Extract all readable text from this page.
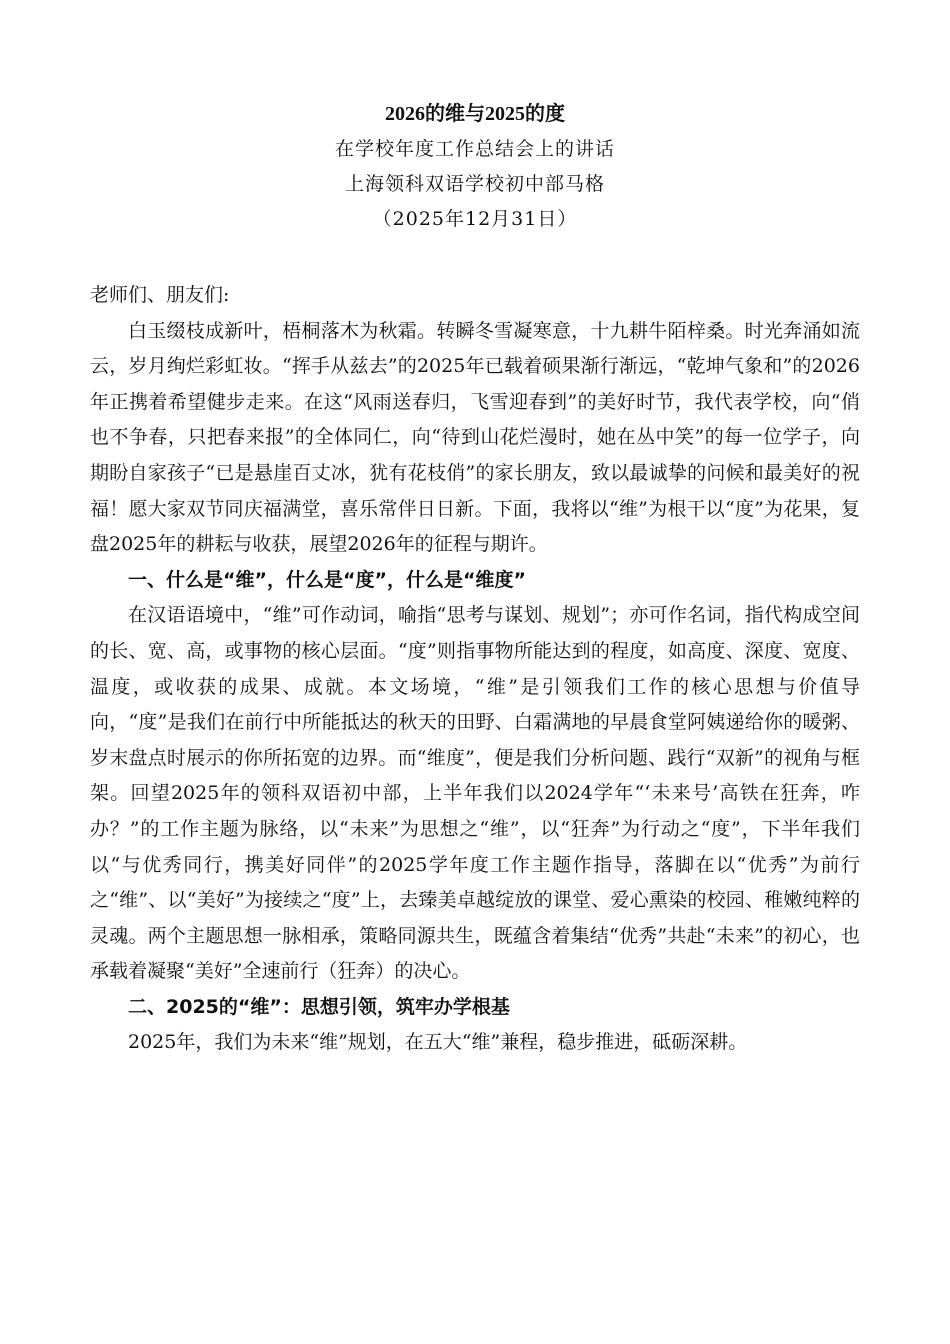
2026的维与2025的度

在学校年度工作总结会上的讲话

上海领科双语学校初中部马格

（2025年12月31日）

老师们、朋友们:

白玉缀枝成新叶，梧桐落木为秋霜。转瞬冬雪凝寒意，十九耕牛陌梓桑。时光奔涌如流云，岁月绚烂彩虹妆。“挥手从兹去”的2025年已载着硕果渐行渐远，“乾坤气象和”的2026年正携着希望健步走来。在这“风雨送春归，飞雪迎春到”的美好时节，我代表学校，向“俏也不争春，只把春来报”的全体同仁，向“待到山花烂漫时，她在丛中笑”的每一位学子，向期盼自家孩子“已是悬崖百丈冰，犹有花枝俏”的家长朋友，致以最诚挚的问候和最美好的祝福！愿大家双节同庆福满堂，喜乐常伴日日新。下面，我将以“维”为根干以“度”为花果，复盘2025年的耕耘与收获，展望2026年的征程与期许。

一、什么是“维”，什么是“度”，什么是“维度”

在汉语语境中，“维”可作动词，喻指“思考与谋划、规划”；亦可作名词，指代构成空间的长、宽、高，或事物的核心层面。“度”则指事物所能达到的程度，如高度、深度、宽度、温度，或收获的成果、成就。本文场境，“维”是引领我们工作的核心思想与价值导向，“度”是我们在前行中所能抵达的秋天的田野、白霜满地的早晨食堂阿姨递给你的暖粥、岁末盘点时展示的你所拓宽的边界。而“维度”，便是我们分析问题、践行“双新”的视角与框架。回望2025年的领科双语初中部，上半年我们以2024学年“‘未来号’高铁在狂奔，咋办？”的工作主题为脉络，以“未来”为思想之“维”，以“狂奔”为行动之“度”，下半年我们以“与优秀同行，携美好同伴”的2025学年度工作主题作指导，落脚在以“优秀”为前行之“维”、以“美好”为接续之“度”上，去臻美卓越绽放的课堂、爱心熏染的校园、稚嫩纯粹的灵魂。两个主题思想一脉相承，策略同源共生，既蕴含着集结“优秀”共赴“未来”的初心，也承载着凝聚“美好”全速前行（狂奔）的决心。

二、2025的“维”：思想引领，筑牢办学根基

2025年，我们为未来“维”规划，在五大“维”兼程，稳步推进，砥砺深耕。
